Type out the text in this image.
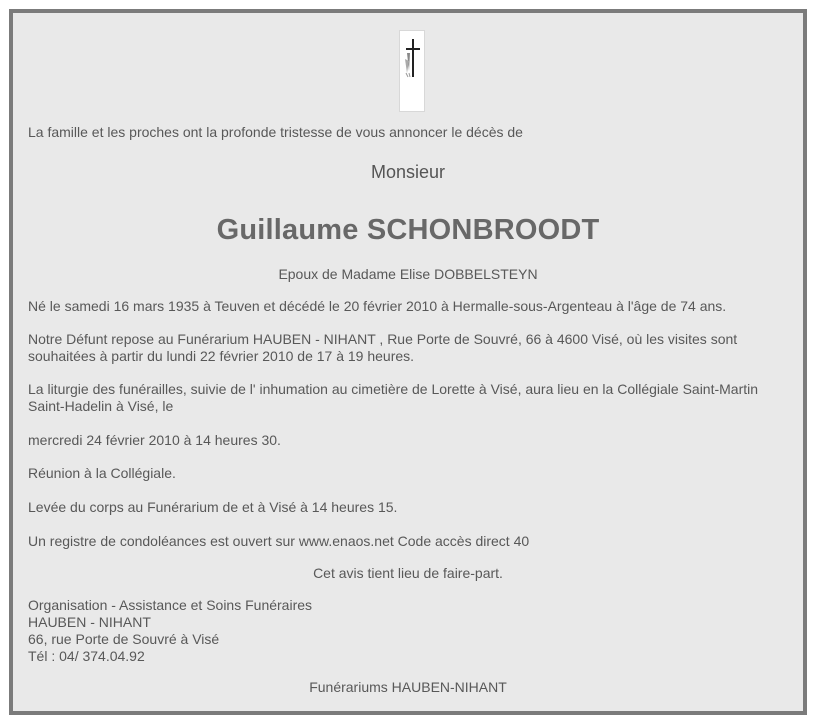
La famille et les proches ont la profonde tristesse de vous annoncer le décès de

Monsieur

Guillaume SCHONBROODT

Epoux de Madame Elise DOBBELSTEYN

Né le samedi 16 mars 1935 à Teuven et décédé le 20 février 2010 à Hermalle-sous-Argenteau à l'âge de 74 ans.

Notre Défunt repose au Funérarium HAUBEN - NIHANT , Rue Porte de Souvré, 66 à 4600 Visé, où les visites sont
souhaitées à partir du lundi 22 février 2010 de 17 à 19 heures.
La liturgie des funérailles, suivie de l' inhumation au cimetière de Lorette à Visé, aura lieu en la Collégiale Saint-Martin
Saint-Hadelin à Visé, le

mercredi 24 février 2010 à 14 heures 30.

Réunion à la Collégiale.

Levée du corps au Funérarium de et à Visé à 14 heures 15.

Un registre de condoléances est ouvert sur www.enaos.net Code accès direct 40

Cet avis tient lieu de faire-part.

Organisation - Assistance et Soins Funéraires
HAUBEN - NIHANT
66, rue Porte de Souvré à Visé
Tél : 04/ 374.04.92

Funérariums HAUBEN-NIHANT
